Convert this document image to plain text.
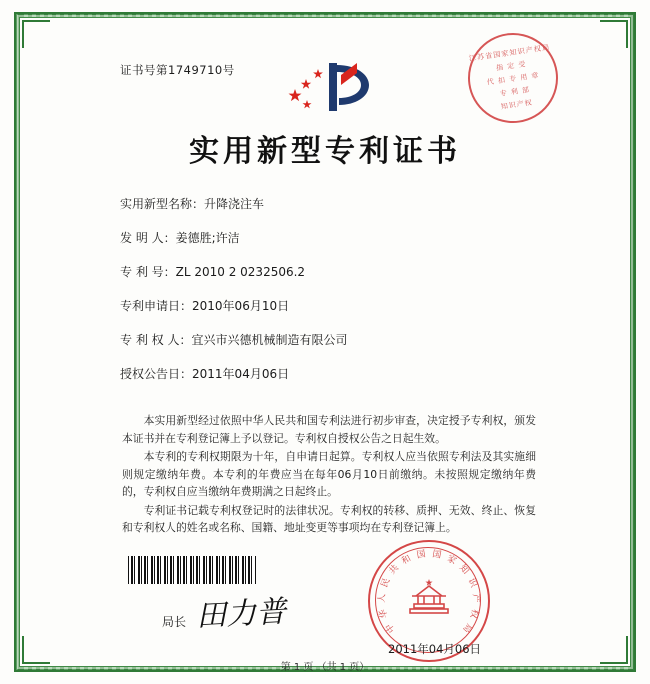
证书号第1749710号
江苏省国家知识产权局
指 定 受
代 扣 专 用 章
专 利 部
知识产权
实用新型专利证书
实用新型名称：升降浇注车
发 明 人：姜德胜;许洁
专 利 号：ZL 2010 2 0232506.2
专利申请日：2010年06月10日
专 利 权 人：宜兴市兴德机械制造有限公司
授权公告日：2011年04月06日

本实用新型经过依照中华人民共和国专利法进行初步审查，决定授予专利权，颁发本证书并在专利登记簿上予以登记。专利权自授权公告之日起生效。

本专利的专利权期限为十年，自申请日起算。专利权人应当依照专利法及其实施细则规定缴纳年费。本专利的年费应当在每年06月10日前缴纳。未按照规定缴纳年费的，专利权自应当缴纳年费期满之日起终止。

专利证书记载专利权登记时的法律状况。专利权的转移、质押、无效、终止、恢复和专利权人的姓名或名称、国籍、地址变更等事项均在专利登记簿上。

局长 田力普	中
华
人
民
共
和 国 国 家
知
识
产
权
局
2011年04月06日
第 1 页 （共 1 页）
